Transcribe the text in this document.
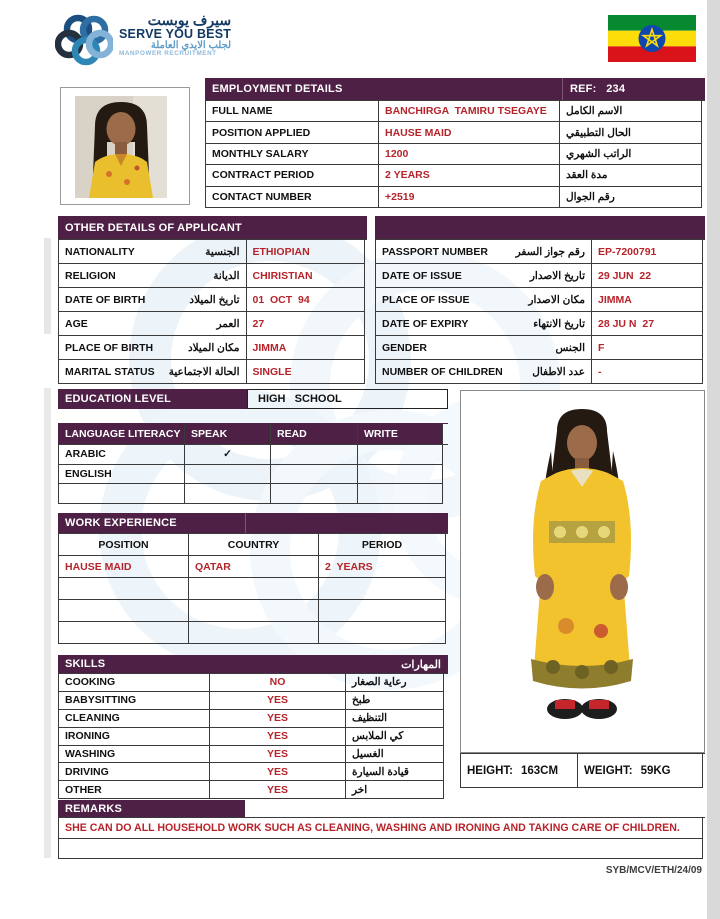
سيرف يوبست
SERVE YOU BEST
لجلب الايدي العاملة
MANPOWER RECRUITMENT
EMPLOYMENT DETAILS	REF:   234
FULL NAME	BANCHIRGA  TAMIRU TSEGAYE	الاسم الكامل
POSITION APPLIED	HAUSE MAID	الحال التطبيقي
MONTHLY SALARY	1200	الراتب الشهري
CONTRACT PERIOD	2 YEARS	مدة العقد
CONTACT NUMBER	+2519	رقم الجوال
OTHER DETAILS OF APPLICANT
NATIONALITY	الجنسية	ETHIOPIAN
RELIGION	الديانة	CHIRISTIAN
DATE OF BIRTH	تاريخ الميلاد	01  OCT  94
AGE	العمر	27
PLACE OF BIRTH	مكان الميلاد	JIMMA
MARITAL STATUS الحالة الاجتماعية	SINGLE
PASSPORT NUMBER	رقم جواز السفر	EP-7200791
DATE OF ISSUE	تاريخ الاصدار	29 JUN  22
PLACE OF ISSUE	مكان الاصدار	JIMMA
DATE OF EXPIRY	تاريخ الانتهاء	28 JU N  27
GENDER	الجنس	F
NUMBER OF CHILDREN	عدد الاطفال	-
EDUCATION LEVEL	HIGH   SCHOOL
LANGUAGE LITERACY	SPEAK	READ	WRITE
ARABIC	✓
ENGLISH
WORK EXPERIENCE
POSITION	COUNTRY	PERIOD
HAUSE MAID	QATAR	2  YEARS
HEIGHT: 163CM WEIGHT: 59KG
SKILLS	المهارات
COOKING	NO	رعاية الصغار
BABYSITTING	YES	طبخ
CLEANING	YES	التنظيف
IRONING	YES	كي الملابس
WASHING	YES	الغسيل
DRIVING	YES	قيادة السيارة
OTHER	YES	اخر
REMARKS
SHE CAN DO ALL HOUSEHOLD WORK SUCH AS CLEANING, WASHING AND IRONING AND TAKING CARE OF CHILDREN.
SYB/MCV/ETH/24/09
